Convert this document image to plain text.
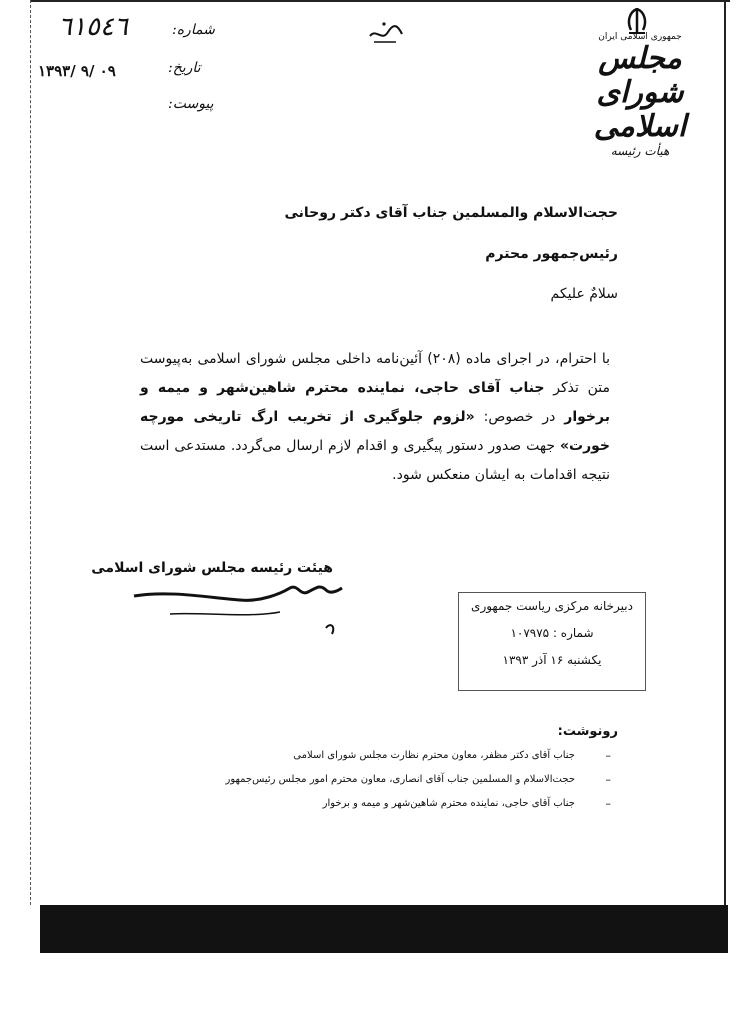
شماره:
٦١٥٤٦
تاریخ:
۱۳۹۳/ ۹/ ۰۹
پیوست:
جمهوری اسلامی ایران
مجلس شورای اسلامی
هیأت رئیسه
حجت‌الاسلام والمسلمین جناب آقای دکتر روحانی
رئیس‌جمهور محترم
سلامٌ علیکم
با احترام، در اجرای ماده (۲۰۸) آئین‌نامه داخلی مجلس شورای اسلامی به‌پیوست متن تذکر جناب آقای حاجی، نماینده محترم شاهین‌شهر و میمه و برخوار در خصوص: «لزوم جلوگیری از تخریب ارگ تاریخی مورچه خورت» جهت صدور دستور پیگیری و اقدام لازم ارسال می‌گردد. مستدعی است نتیجه اقدامات به ایشان منعکس شود.
هیئت رئیسه مجلس شورای اسلامی
دبیرخانه مرکزی ریاست جمهوری
شماره : ۱۰۷۹۷۵
یکشنبه ۱۶ آذر ۱۳۹۳
رونوشت:
–
جناب آقای دکتر مظفر، معاون محترم نظارت مجلس شورای اسلامی
–
حجت‌الاسلام و المسلمین جناب آقای انصاری، معاون محترم امور مجلس رئیس‌جمهور
–
جناب آقای حاجی، نماینده محترم شاهین‌شهر و میمه و برخوار
